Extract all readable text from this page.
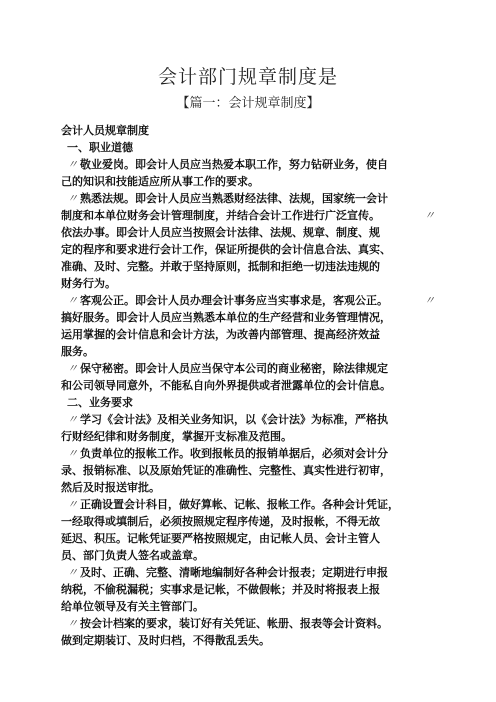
会计部门规章制度是
【篇一：会计规章制度】
会计人员规章制度
一、职业道德
〃 敬业爱岗。即会计人员应当热爱本职工作，努力钻研业务，使自
己的知识和技能适应所从事工作的要求。
〃 熟悉法规。即会计人员应当熟悉财经法律、法规，国家统一会计
制度和本单位财务会计管理制度，并结合会计工作进行广泛宣传。	〃
依法办事。即会计人员应当按照会计法律、法规、规章、制度、规
定的程序和要求进行会计工作，保证所提供的会计信息合法、真实、
准确、及时、完整。并敢于坚持原则，抵制和拒绝一切违法违规的
财务行为。
〃 客观公正。即会计人员办理会计事务应当实事求是，客观公正。	〃
搞好服务。即会计人员应当熟悉本单位的生产经营和业务管理情况，
运用掌握的会计信息和会计方法，为改善内部管理、提高经济效益
服务。
〃 保守秘密。即会计人员应当保守本公司的商业秘密，除法律规定
和公司领导同意外，不能私自向外界提供或者泄露单位的会计信息。
二、业务要求
〃 学习《会计法》及相关业务知识，以《会计法》为标准，严格执
行财经纪律和财务制度，掌握开支标准及范围。
〃 负责单位的报帐工作。收到报帐员的报销单据后，必须对会计分
录、报销标准、以及原始凭证的准确性、完整性、真实性进行初审，
然后及时报送审批。
〃 正确设置会计科目，做好算帐、记帐、报帐工作。各种会计凭证，
一经取得或填制后，必须按照规定程序传递，及时报帐，不得无故
延迟、积压。记帐凭证要严格按照规定，由记帐人员、会计主管人
员、部门负责人签名或盖章。
〃 及时、正确、完整、清晰地编制好各种会计报表；定期进行申报
纳税，不偷税漏税；实事求是记帐，不做假帐；并及时将报表上报
给单位领导及有关主管部门。
〃 按会计档案的要求，装订好有关凭证、帐册、报表等会计资料。
做到定期装订、及时归档，不得散乱丢失。
